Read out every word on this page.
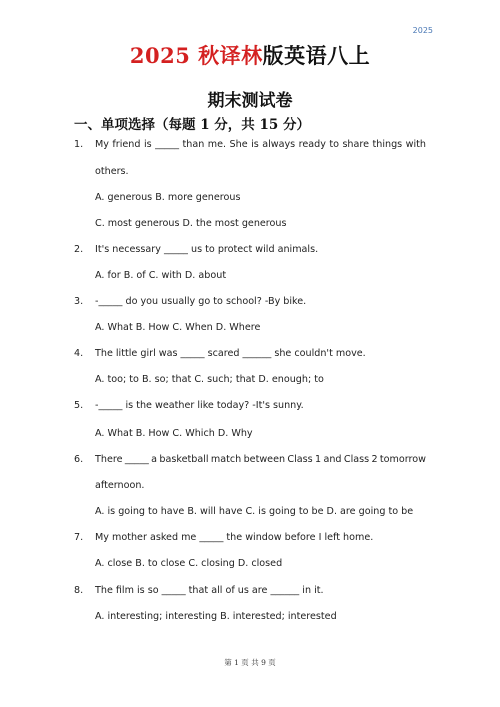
2025
2025 秋译林版英语八上
期末测试卷
一、单项选择（每题 1 分，共 15 分）
1. My friend is _____ than me. She is always ready to share things with
others.
A. generous B. more generous
C. most generous D. the most generous
2. It's necessary _____ us to protect wild animals.
A. for B. of C. with D. about
3. -_____ do you usually go to school? -By bike.
A. What B. How C. When D. Where
4. The little girl was _____ scared ______ she couldn't move.
A. too; to B. so; that C. such; that D. enough; to
5. -_____ is the weather like today? -It's sunny.
A. What B. How C. Which D. Why
6. There _____ a basketball match between Class 1 and Class 2 tomorrow
afternoon.
A. is going to have B. will have C. is going to be D. are going to be
7. My mother asked me _____ the window before I left home.
A. close B. to close C. closing D. closed
8. The film is so _____ that all of us are ______ in it.
A. interesting; interesting B. interested; interested
第 1 页 共 9 页
